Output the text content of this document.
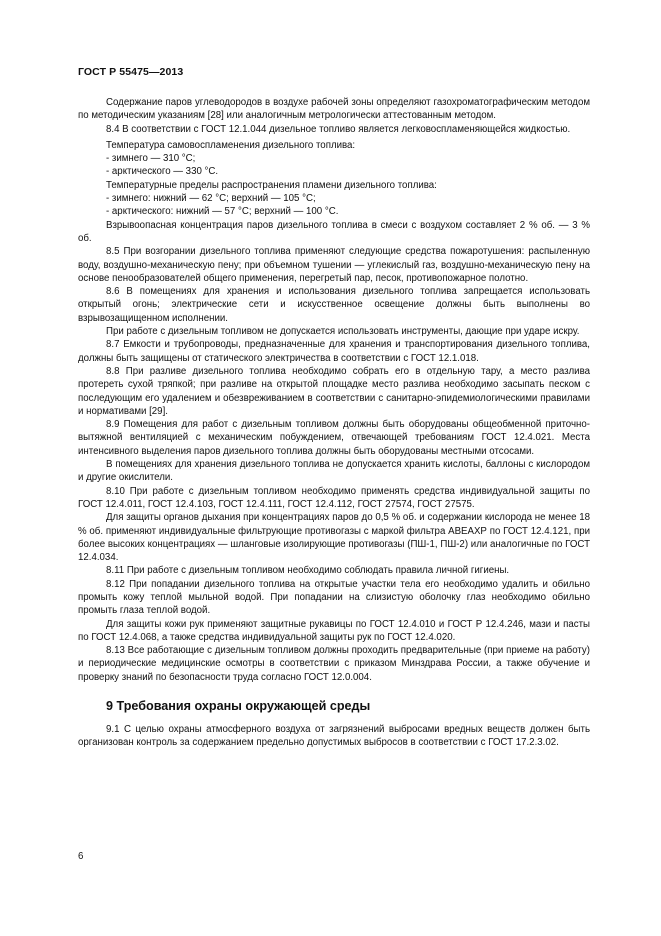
ГОСТ Р 55475—2013

Содержание паров углеводородов в воздухе рабочей зоны определяют газохроматографическим методом по методическим указаниям [28] или аналогичным метрологически аттестованным методом.

8.4 В соответствии с ГОСТ 12.1.044 дизельное топливо является легковоспламеняющейся жидкостью.

Температура самовоспламенения дизельного топлива:

- зимнего — 310 °С;

- арктического — 330 °С.

Температурные пределы распространения пламени дизельного топлива:

- зимнего: нижний — 62 °С; верхний — 105 °С;

- арктического: нижний — 57 °С; верхний — 100 °С.

Взрывоопасная концентрация паров дизельного топлива в смеси с воздухом составляет 2 % об. — 3 % об.

8.5 При возгорании дизельного топлива применяют следующие средства пожаротушения: распыленную воду, воздушно-механическую пену; при объемном тушении — углекислый газ, воздушно-механическую пену на основе пенообразователей общего применения, перегретый пар, песок, противопожарное полотно.

8.6 В помещениях для хранения и использования дизельного топлива запрещается использовать открытый огонь; электрические сети и искусственное освещение должны быть выполнены во взрывозащищенном исполнении.

При работе с дизельным топливом не допускается использовать инструменты, дающие при ударе искру.

8.7 Емкости и трубопроводы, предназначенные для хранения и транспортирования дизельного топлива, должны быть защищены от статического электричества в соответствии с ГОСТ 12.1.018.

8.8 При разливе дизельного топлива необходимо собрать его в отдельную тару, а место разлива протереть сухой тряпкой; при разливе на открытой площадке место разлива необходимо засыпать песком с последующим его удалением и обезвреживанием в соответствии с санитарно-эпидемиологическими правилами и нормативами [29].

8.9 Помещения для работ с дизельным топливом должны быть оборудованы общеобменной приточно-вытяжной вентиляцией с механическим побуждением, отвечающей требованиям ГОСТ 12.4.021. Места интенсивного выделения паров дизельного топлива должны быть оборудованы местными отсосами.

В помещениях для хранения дизельного топлива не допускается хранить кислоты, баллоны с кислородом и другие окислители.

8.10 При работе с дизельным топливом необходимо применять средства индивидуальной защиты по ГОСТ 12.4.011, ГОСТ 12.4.103, ГОСТ 12.4.111, ГОСТ 12.4.112, ГОСТ 27574, ГОСТ 27575.

Для защиты органов дыхания при концентрациях паров до 0,5 % об. и содержании кислорода не менее 18 % об. применяют индивидуальные фильтрующие противогазы с маркой фильтра АВЕАХР по ГОСТ 12.4.121, при более высоких концентрациях — шланговые изолирующие противогазы (ПШ-1, ПШ-2) или аналогичные по ГОСТ 12.4.034.

8.11 При работе с дизельным топливом необходимо соблюдать правила личной гигиены.

8.12 При попадании дизельного топлива на открытые участки тела его необходимо удалить и обильно промыть кожу теплой мыльной водой. При попадании на слизистую оболочку глаз необходимо обильно промыть глаза теплой водой.

Для защиты кожи рук применяют защитные рукавицы по ГОСТ 12.4.010 и ГОСТ Р 12.4.246, мази и пасты по ГОСТ 12.4.068, а также средства индивидуальной защиты рук по ГОСТ 12.4.020.

8.13 Все работающие с дизельным топливом должны проходить предварительные (при приеме на работу) и периодические медицинские осмотры в соответствии с приказом Минздрава России, а также обучение и проверку знаний по безопасности труда согласно ГОСТ 12.0.004.

9 Требования охраны окружающей среды

9.1 С целью охраны атмосферного воздуха от загрязнений выбросами вредных веществ должен быть организован контроль за содержанием предельно допустимых выбросов в соответствии с ГОСТ 17.2.3.02.

6
